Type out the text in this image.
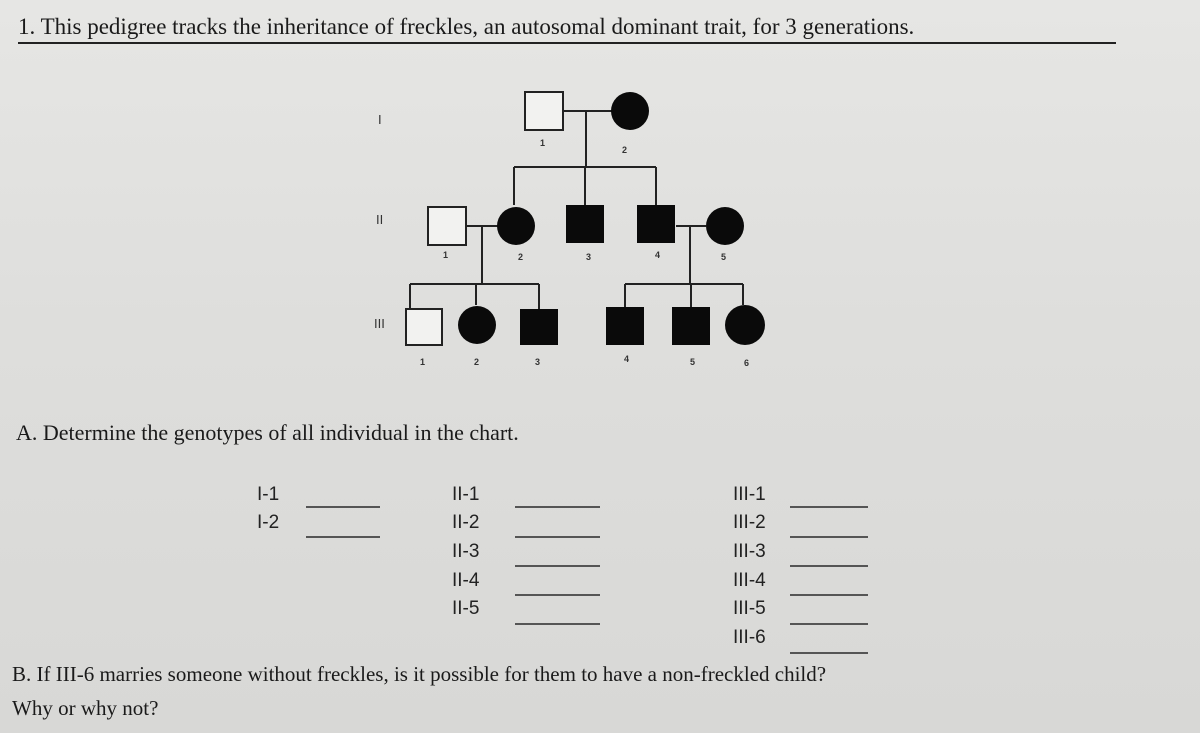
1. This pedigree tracks the inheritance of freckles, an autosomal dominant trait, for 3 generations.
I
II
III
1
2
1	2	3	4	5
1	2	3	4	5	6
A. Determine the genotypes of all individual in the chart.
I-1
I-2
II-1
II-2
II-3
II-4
II-5
III-1
III-2
III-3
III-4
III-5
III-6
B. If III-6 marries someone without freckles, is it possible for them to have a non-freckled child?
Why or why not?
